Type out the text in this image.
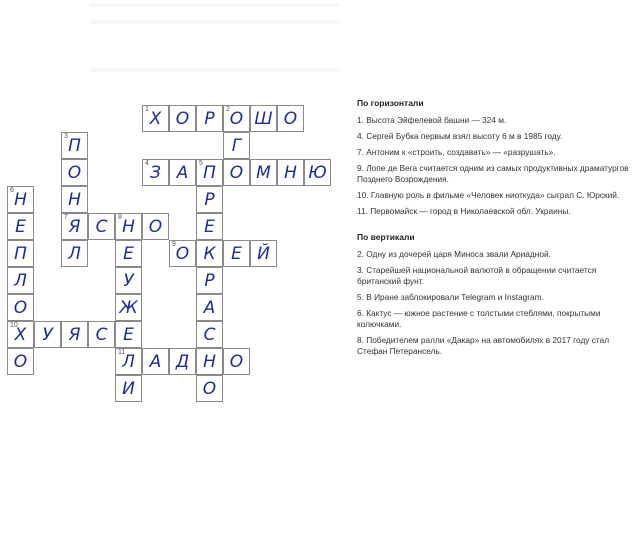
1 Х О Р 2 О Ш О
3 П	Г
О	4 З А 5 П О М Н Ю
6 Н Н	Р
Е	7 Я С 8 Н О Е
П Л Е	9 О К Е Й
Л	У	Р
О	Ж	А
10
Х У Я С Е	С
О	11
Л А Д Н О
И	О
По горизонтали
1. Высота Эйфелевой башни — 324 м.
4. Сергей Бубка первым взял высоту 6 м в 1985 году.
7. Антоним к «строить, создавать» — «разрушать».
9. Лопе де Вега считается одним из самых продуктивных драматургов Позднего Возрождения.
10. Главную роль в фильме «Человек ниоткуда» сыграл С. Юрский.
11. Первомайск — город в Николаевской обл. Украины.
По вертикали
2. Одну из дочерей царя Миноса звали Ариадной.
3. Старейшей национальной валютой в обращении считается британский фунт.
5. В Иране заблокировали Telegram и Instagram.
6. Кактус — южное растение с толстыми стеблями, покрытыми колючками.
8. Победителем ралли «Дакар» на автомобилях в 2017 году стал Стефан Петерансель.
